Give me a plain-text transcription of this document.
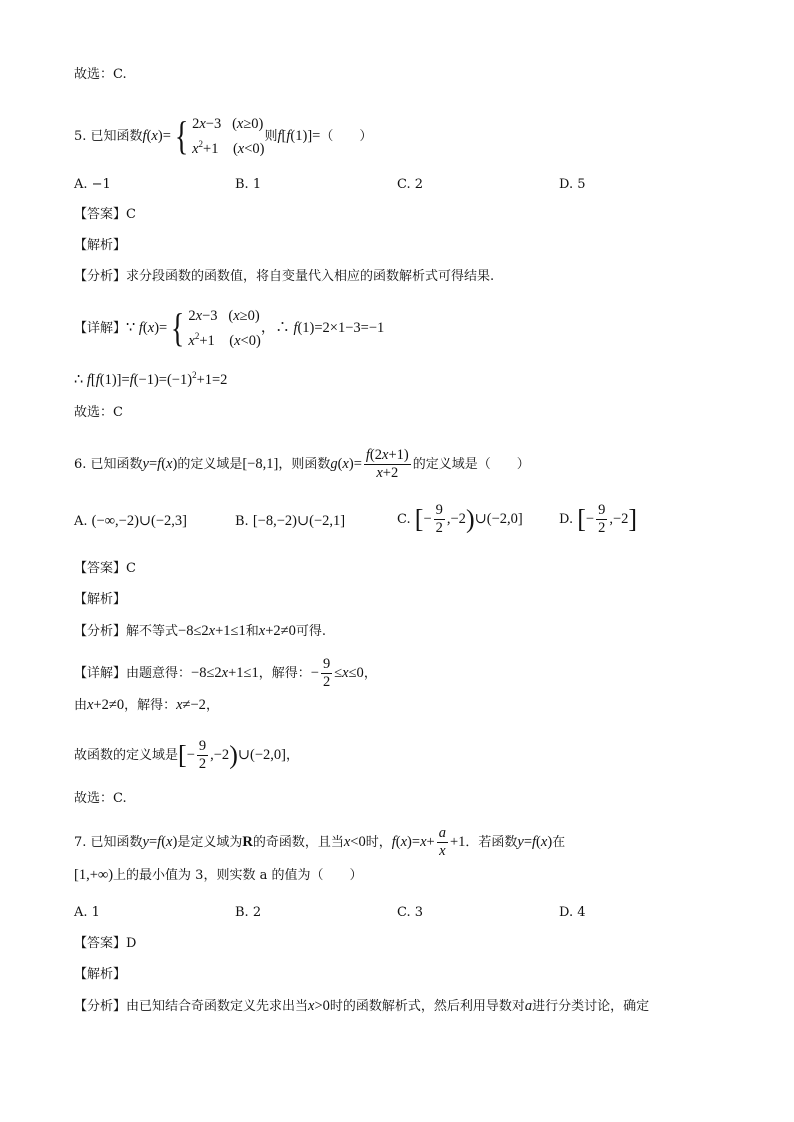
故选：C.
5. 已知函数f(x)= { 2x−3   (x≥0)
$x^2+1$    (x<0)
则f[f(1)]=（　　）
A. −1	B. 1	C. 2	D. 5
【答案】C
【解析】
【分析】求分段函数的函数值，将自变量代入相应的函数解析式可得结果.
【详解】∵ f(x)= { 2x−3   (x≥0)
$x^2+1$    (x<0)
，∴ f(1)=2×1−3=−1
∴ $f[f(1)]=f(-1)=(-1)^2+1=2$
故选：C
6. 已知函数y=f(x)的定义域是[−8,1]，则函数$g(x)= \frac{f(2x+1)}{x+2}$ 的定义域是（　　）
A. (−∞,−2)∪(−2,3]	B. [−8,−2)∪(−2,1]	C. [− $\frac{9}{2}$ ,−2)∪(−2,0]	D. [− $\frac{9}{2} ,-2$]
【答案】C
【解析】
【分析】解不等式−8≤2x+1≤1和x+2≠0可得.
【详解】由题意得：−8≤2x+1≤1，解得：− $\frac{9}{2} \le x\le 0$，
由x+2≠0，解得：x≠−2，
故函数的定义域是[− $\frac{9}{2}$ ,−2)∪(−2,0]，
故选：C.
7. 已知函数y=f(x)是定义域为R的奇函数，且当x<0时，$f(x)=x+ \frac{a}{x} +1$．若函数y=f(x)在
[1,+∞)上的最小值为 3，则实数 a 的值为（　　）
A. 1	B. 2	C. 3	D. 4
【答案】D
【解析】
【分析】由已知结合奇函数定义先求出当x>0时的函数解析式，然后利用导数对a进行分类讨论，确定
